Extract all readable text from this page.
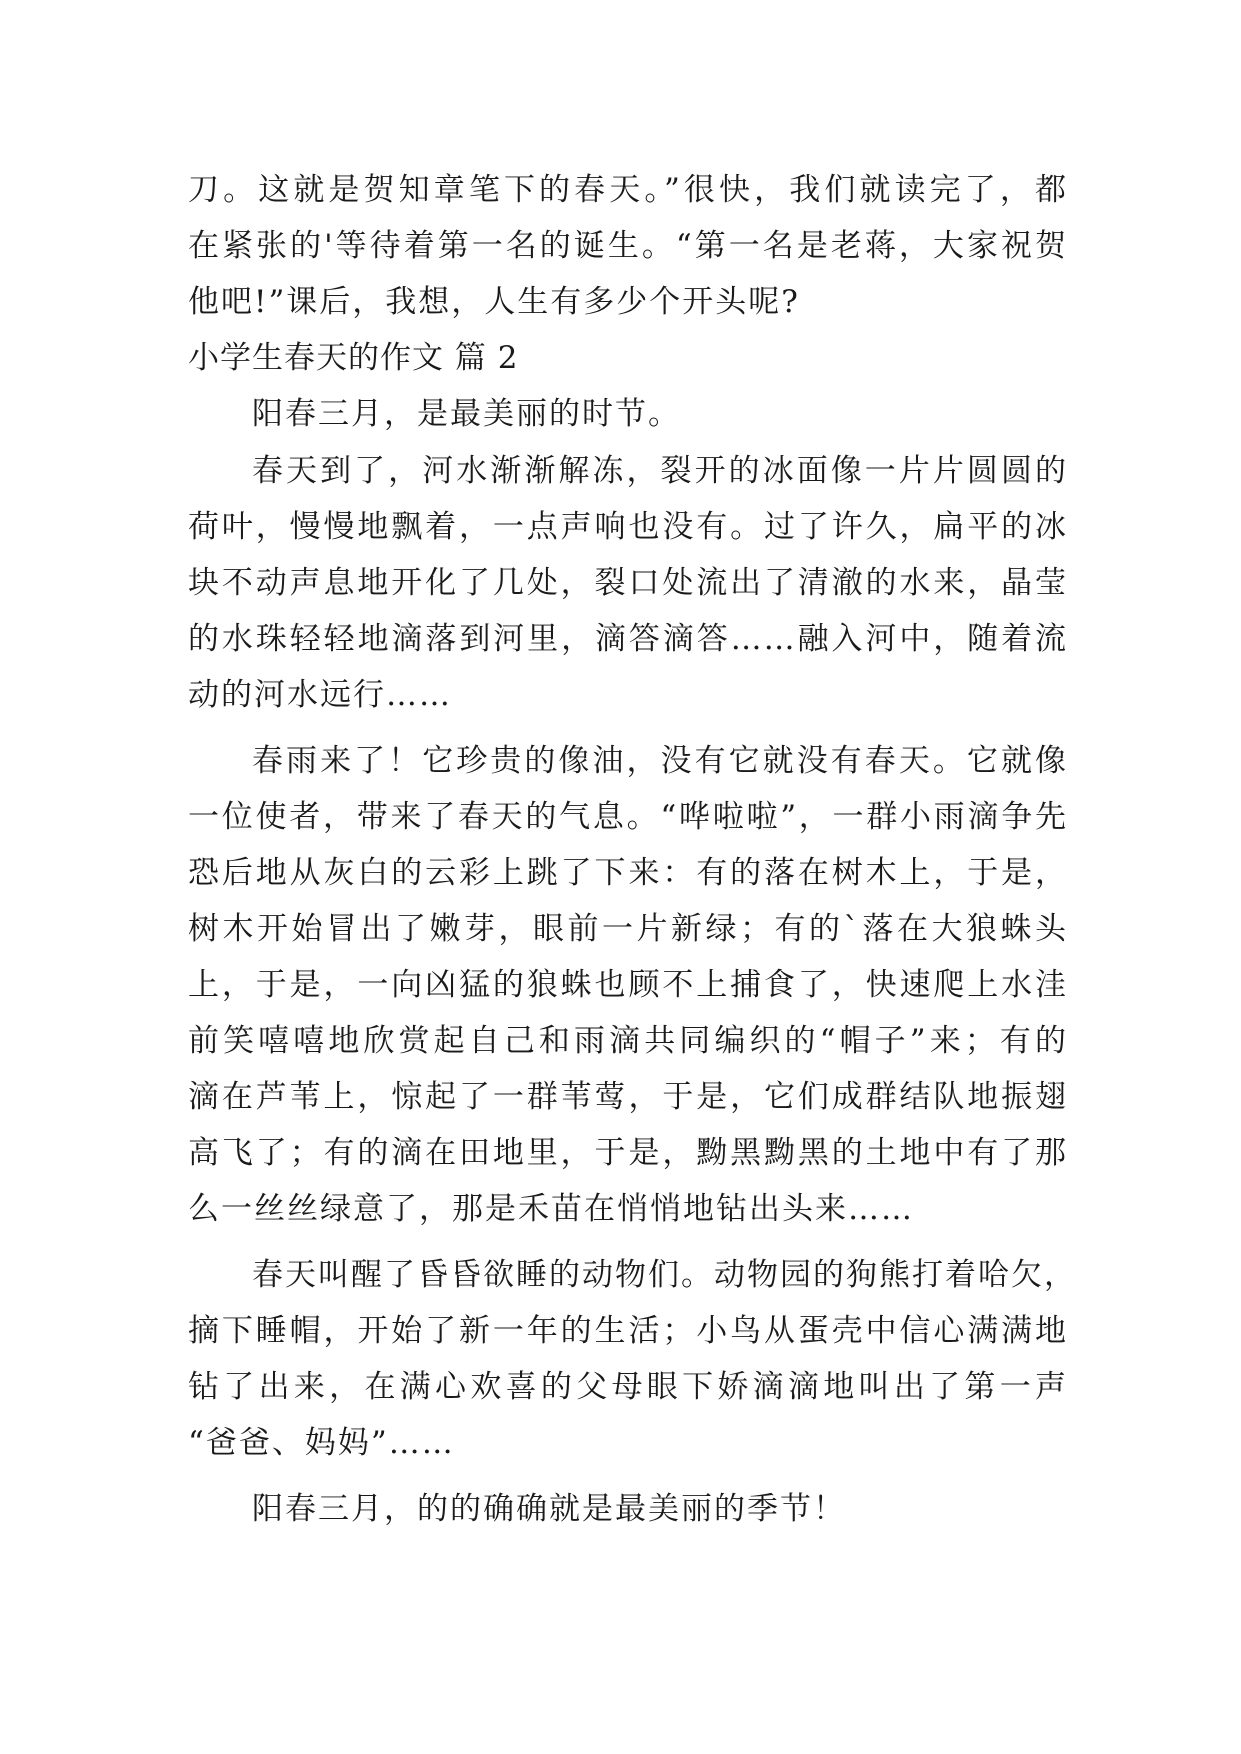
刀。这就是贺知章笔下的春天。”很快，我们就读完了，都
在紧张的'等待着第一名的诞生。“第一名是老蒋，大家祝贺
他吧!”课后，我想，人生有多少个开头呢?
小学生春天的作文 篇 2
阳春三月，是最美丽的时节。
春天到了，河水渐渐解冻，裂开的冰面像一片片圆圆的
荷叶，慢慢地飘着，一点声响也没有。过了许久，扁平的冰
块不动声息地开化了几处，裂口处流出了清澈的水来，晶莹
的水珠轻轻地滴落到河里，滴答滴答……融入河中，随着流
动的河水远行……
春雨来了！它珍贵的像油，没有它就没有春天。它就像
一位使者，带来了春天的气息。“哗啦啦”，一群小雨滴争先
恐后地从灰白的云彩上跳了下来：有的落在树木上，于是，
树木开始冒出了嫩芽，眼前一片新绿；有的`落在大狼蛛头
上，于是，一向凶猛的狼蛛也顾不上捕食了，快速爬上水洼
前笑嘻嘻地欣赏起自己和雨滴共同编织的“帽子”来；有的
滴在芦苇上，惊起了一群苇莺，于是，它们成群结队地振翅
高飞了；有的滴在田地里，于是，黝黑黝黑的土地中有了那
么一丝丝绿意了，那是禾苗在悄悄地钻出头来……
春天叫醒了昏昏欲睡的动物们。动物园的狗熊打着哈欠，
摘下睡帽，开始了新一年的生活；小鸟从蛋壳中信心满满地
钻了出来，在满心欢喜的父母眼下娇滴滴地叫出了第一声
“爸爸、妈妈”……
阳春三月，的的确确就是最美丽的季节！
